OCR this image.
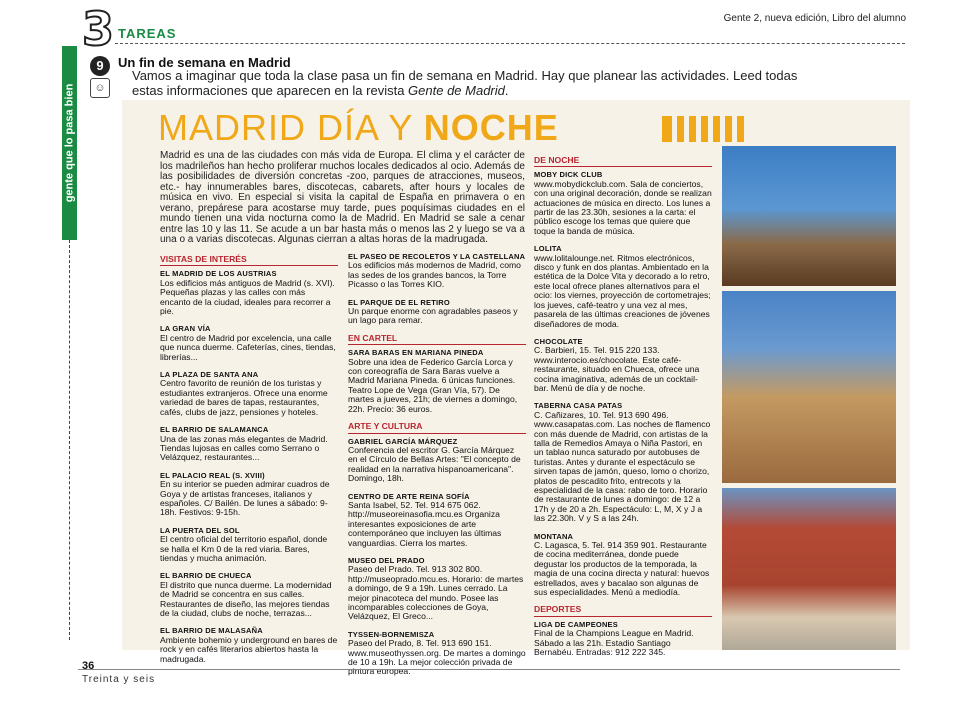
3 TAREAS
Gente 2, nueva edición, Libro del alumno
gente que lo pasa bien
9
☺
Un fin de semana en Madrid
Vamos a imaginar que toda la clase pasa un fin de semana en Madrid. Hay que planear las actividades. Leed todas estas informaciones que aparecen en la revista Gente de Madrid.
MADRID DÍA Y NOCHE
Madrid es una de las ciudades con más vida de Europa. El clima y el carácter de los madrileños han hecho proliferar muchos locales dedicados al ocio. Además de las posibilidades de diversión concretas -zoo, parques de atracciones, museos, etc.- hay innumerables bares, discotecas, cabarets, after hours y locales de música en vivo. En especial si visita la capital de España en primavera o en verano, prepárese para acostarse muy tarde, pues poquísimas ciudades en el mundo tienen una vida nocturna como la de Madrid. En Madrid se sale a cenar entre las 10 y las 11. Se acude a un bar hasta más o menos las 2 y luego se va a una o a varias discotecas. Algunas cierran a altas horas de la madrugada.
VISITAS DE INTERÉS
EL MADRID DE LOS AUSTRIAS
Los edificios más antiguos de Madrid (s. XVI). Pequeñas plazas y las calles con más encanto de la ciudad, ideales para recorrer a pie.
LA GRAN VÍA
El centro de Madrid por excelencia, una calle que nunca duerme. Cafeterías, cines, tiendas, librerías...
LA PLAZA DE SANTA ANA
Centro favorito de reunión de los turistas y estudiantes extranjeros. Ofrece una enorme variedad de bares de tapas, restaurantes, cafés, clubs de jazz, pensiones y hoteles.
EL BARRIO DE SALAMANCA
Una de las zonas más elegantes de Madrid. Tiendas lujosas en calles como Serrano o Velázquez, restaurantes...
EL PALACIO REAL (S. XVIII)
En su interior se pueden admirar cuadros de Goya y de artistas franceses, italianos y españoles. C/ Bailén. De lunes a sábado: 9-18h. Festivos: 9-15h.
LA PUERTA DEL SOL
El centro oficial del territorio español, donde se halla el Km 0 de la red viaria. Bares, tiendas y mucha animación.
EL BARRIO DE CHUECA
El distrito que nunca duerme. La modernidad de Madrid se concentra en sus calles. Restaurantes de diseño, las mejores tiendas de la ciudad, clubs de noche, terrazas...
EL BARRIO DE MALASAÑA
Ambiente bohemio y underground en bares de rock y en cafés literarios abiertos hasta la madrugada.
EL PASEO DE RECOLETOS Y LA CASTELLANA
Los edificios más modernos de Madrid, como las sedes de los grandes bancos, la Torre Picasso o las Torres KIO.
EL PARQUE DE EL RETIRO
Un parque enorme con agradables paseos y un lago para remar.
EN CARTEL
SARA BARAS EN MARIANA PINEDA
Sobre una idea de Federico García Lorca y con coreografía de Sara Baras vuelve a Madrid Mariana Pineda. 6 únicas funciones. Teatro Lope de Vega (Gran Vía, 57). De martes a jueves, 21h; de viernes a domingo, 22h. Precio: 36 euros.
ARTE Y CULTURA
GABRIEL GARCÍA MÁRQUEZ
Conferencia del escritor G. García Márquez en el Círculo de Bellas Artes: "El concepto de realidad en la narrativa hispanoamericana". Domingo, 18h.
CENTRO DE ARTE REINA SOFÍA
Santa Isabel, 52. Tel. 914 675 062. http://museoreinasofia.mcu.es Organiza interesantes exposiciones de arte contemporáneo que incluyen las últimas vanguardias. Cierra los martes.
MUSEO DEL PRADO
Paseo del Prado. Tel. 913 302 800. http://museoprado.mcu.es. Horario: de martes a domingo, de 9 a 19h. Lunes cerrado. La mejor pinacoteca del mundo. Posee las incomparables colecciones de Goya, Velázquez, El Greco...
TYSSEN-BORNEMISZA
Paseo del Prado, 8. Tel. 913 690 151. www.museothyssen.org. De martes a domingo de 10 a 19h. La mejor colección privada de pintura europea.
DE NOCHE
MOBY DICK CLUB
www.mobydickclub.com. Sala de conciertos, con una original decoración, donde se realizan actuaciones de música en directo. Los lunes a partir de las 23.30h, sesiones a la carta: el público escoge los temas que quiere que toque la banda de música.
LOLITA
www.lolitalounge.net. Ritmos electrónicos, disco y funk en dos plantas. Ambientado en la estética de la Dolce Vita y decorado a lo retro, este local ofrece planes alternativos para el ocio: los viernes, proyección de cortometrajes; los jueves, café-teatro y una vez al mes, pasarela de las últimas creaciones de jóvenes diseñadores de moda.
CHOCOLATE
C. Barbieri, 15. Tel. 915 220 133. www.interocio.es/chocolate. Este café-restaurante, situado en Chueca, ofrece una cocina imaginativa, además de un cocktail-bar. Menú de día y de noche.
TABERNA CASA PATAS
C. Cañizares, 10. Tel. 913 690 496. www.casapatas.com. Las noches de flamenco con más duende de Madrid, con artistas de la talla de Remedios Amaya o Niña Pastori, en un tablao nunca saturado por autobuses de turistas. Antes y durante el espectáculo se sirven tapas de jamón, queso, lomo o chorizo, platos de pescadito frito, entrecots y la especialidad de la casa: rabo de toro. Horario de restaurante de lunes a domingo: de 12 a 17h y de 20 a 2h. Espectáculo: L, M, X y J a las 22.30h. V y S a las 24h.
MONTANA
C. Lagasca, 5. Tel. 914 359 901. Restaurante de cocina mediterránea, donde puede degustar los productos de la temporada, la magia de una cocina directa y natural: huevos estrellados, aves y bacalao son algunas de sus especialidades. Menú a mediodía.
DEPORTES
LIGA DE CAMPEONES
Final de la Champions League en Madrid. Sábado a las 21h. Estadio Santiago Bernabéu. Entradas: 912 222 345.
36
Treinta y seis
